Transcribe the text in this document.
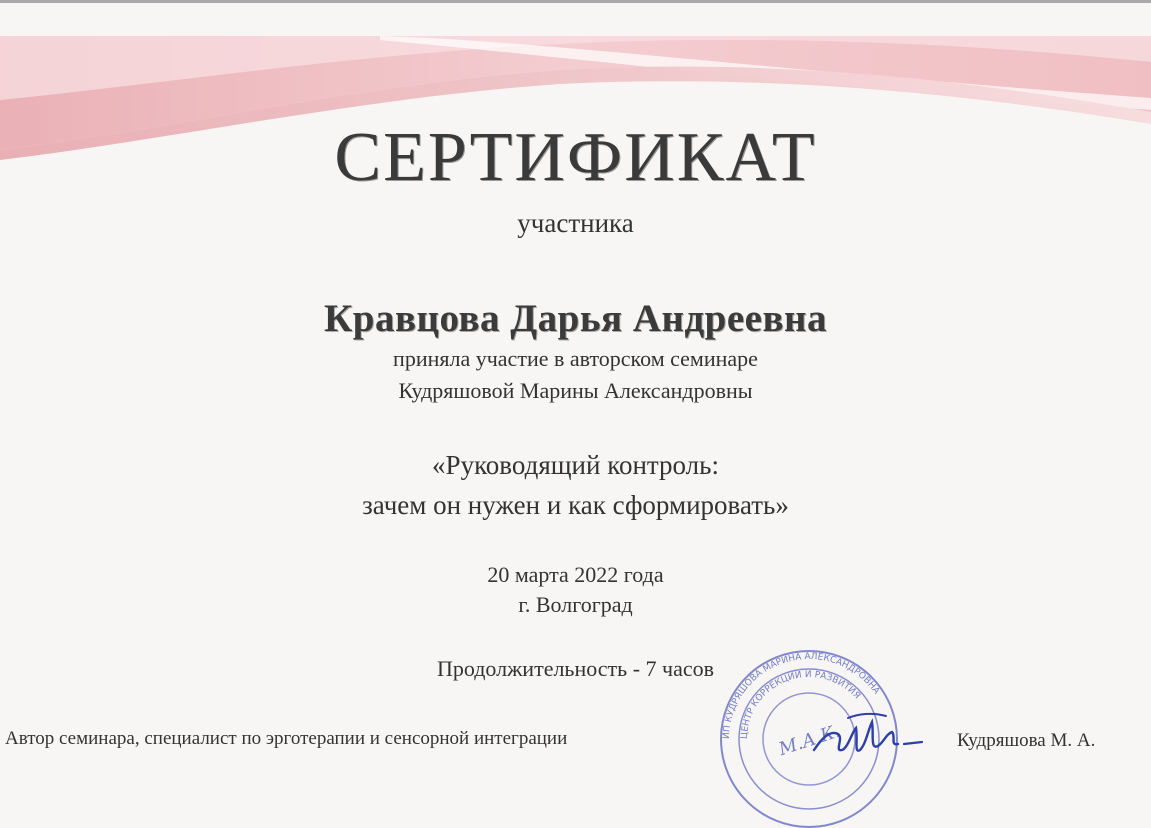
СЕРТИФИКАТ
участника
Кравцова Дарья Андреевна
приняла участие в авторском семинаре
Кудряшовой Марины Александровны
«Руководящий контроль:
зачем он нужен и как сформировать»
20 марта 2022 года
г. Волгоград
Продолжительность - 7 часов
Автор семинара, специалист по эрготерапии и сенсорной интеграции	Кудряшова М. А.
ИП КУДРЯШОВА МАРИНА АЛЕКСАНДРОВНА
ЦЕНТР КОРРЕКЦИИ И РАЗВИТИЯ
М.А.К.
